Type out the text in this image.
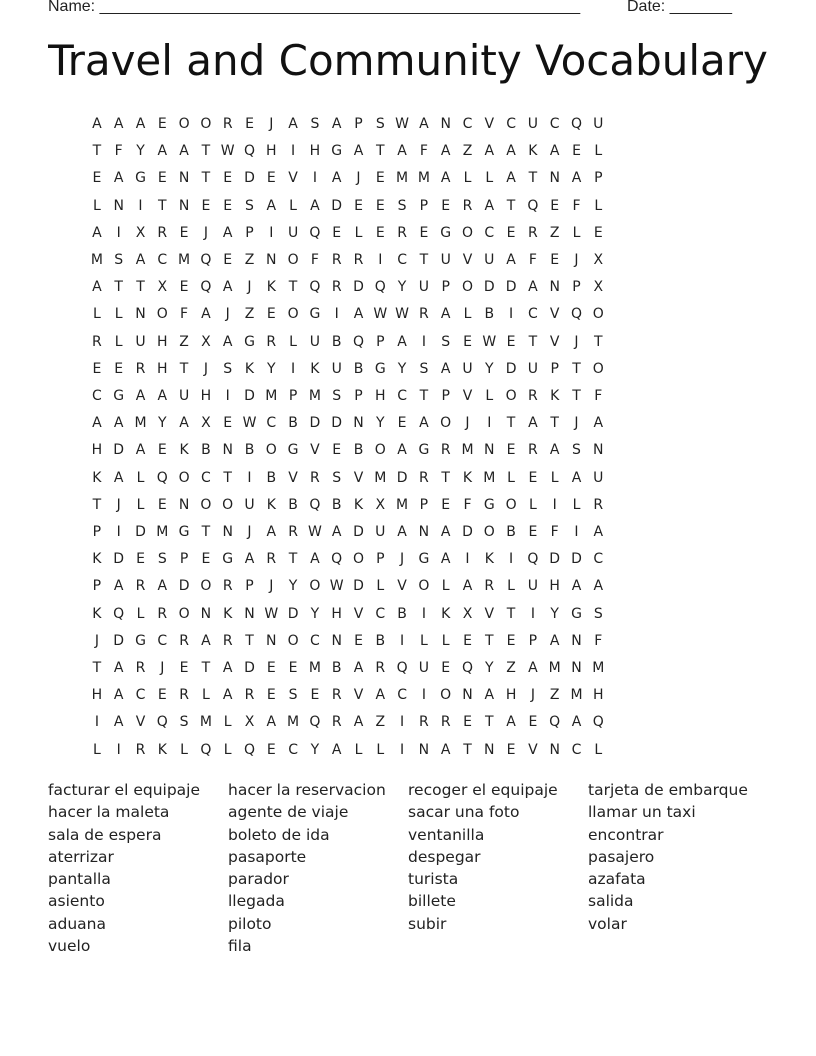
Name: ______________________________________________________	Date: _______
Travel and Community Vocabulary
A A A E O O R E	J	A S A P S W A N C V C U C Q U
T F Y A A T W Q H	I	H G A T A F A Z A A K A E L
E A G E N T E D E V	I	A	J	E M M A L L A T N A P
L N	I	T N E E S A L A D E E S P E R A T Q E F L
A	I	X R E	J	A P	I	U Q E L E R E G O C E R Z L E
M S A C M Q E Z N O F R R	I	C T U V U A F E	J	X
A T T X E Q A	J	K T Q R D Q Y U P O D D A N P X
L L N O F A	J	Z E O G	I	A W W R A L B	I	C V Q O
R L U H Z X A G R L U B Q P A	I	S E W E T V	J	T
E E R H T	J	S K Y	I	K U B G Y S A U Y D U P T O
C G A A U H	I	D M P M S P H C T P V L O R K T F
A A M Y A X E W C B D D N Y E A O	J	I	T A T	J	A
H D A E K B N B O G V E B O A G R M N E R A S N
K A L Q O C T	I	B V R S V M D R T K M L E L A U
T	J	L E N O O U K B Q B K X M P E F G O L	I	L R
P	I	D M G T N	J	A R W A D U A N A D O B E F	I	A
K D E S P E G A R T A Q O P	J	G A	I	K	I	Q D D C
P A R A D O R P	J	Y O W D L V O L A R L U H A A
K Q L R O N K N W D Y H V C B	I	K X V T	I	Y G S
J	D G C R A R T N O C N E B	I	L L E T E P A N F
T A R	J	E T A D E E M B A R Q U E Q Y Z A M N M
H A C E R L A R E S E R V A C	I	O N A H	J	Z M H
I	A V Q S M L X A M Q R A Z	I	R R E T A E Q A Q
L	I	R K L Q L Q E C Y A L L	I	N A T N E V N C L
facturar el equipaje
hacer la maleta
sala de espera
aterrizar
pantalla
asiento
aduana
vuelo
hacer la reservacion
agente de viaje
boleto de ida
pasaporte
parador
llegada
piloto
fila
recoger el equipaje
sacar una foto
ventanilla
despegar
turista
billete
subir
tarjeta de embarque
llamar un taxi
encontrar
pasajero
azafata
salida
volar
